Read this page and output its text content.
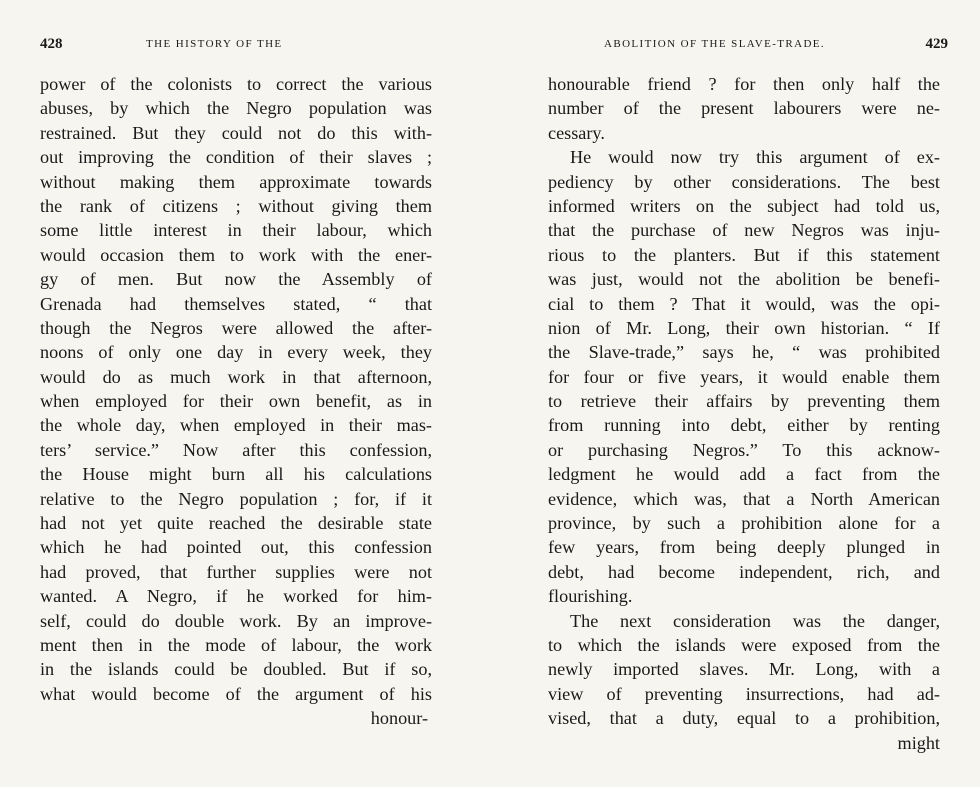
428	THE HISTORY OF THE
power of the colonists to correct the various
abuses, by which the Negro population was
restrained. But they could not do this with-
out improving the condition of their slaves ;
without making them approximate towards
the rank of citizens ; without giving them
some little interest in their labour, which
would occasion them to work with the ener-
gy of men. But now the Assembly of
Grenada had themselves stated, “ that
though the Negros were allowed the after-
noons of only one day in every week, they
would do as much work in that afternoon,
when employed for their own benefit, as in
the whole day, when employed in their mas-
ters’ service.” Now after this confession,
the House might burn all his calculations
relative to the Negro population ; for, if it
had not yet quite reached the desirable state
which he had pointed out, this confession
had proved, that further supplies were not
wanted. A Negro, if he worked for him-
self, could do double work. By an improve-
ment then in the mode of labour, the work
in the islands could be doubled. But if so,
what would become of the argument of his
honour-
ABOLITION OF THE SLAVE-TRADE.	429
honourable friend ? for then only half the
number of the present labourers were ne-
cessary.
He would now try this argument of ex-
pediency by other considerations. The best
informed writers on the subject had told us,
that the purchase of new Negros was inju-
rious to the planters. But if this statement
was just, would not the abolition be benefi-
cial to them ? That it would, was the opi-
nion of Mr. Long, their own historian. “ If
the Slave-trade,” says he, “ was prohibited
for four or five years, it would enable them
to retrieve their affairs by preventing them
from running into debt, either by renting
or purchasing Negros.” To this acknow-
ledgment he would add a fact from the
evidence, which was, that a North American
province, by such a prohibition alone for a
few years, from being deeply plunged in
debt, had become independent, rich, and
flourishing.
The next consideration was the danger,
to which the islands were exposed from the
newly imported slaves. Mr. Long, with a
view of preventing insurrections, had ad-
vised, that a duty, equal to a prohibition,
might
